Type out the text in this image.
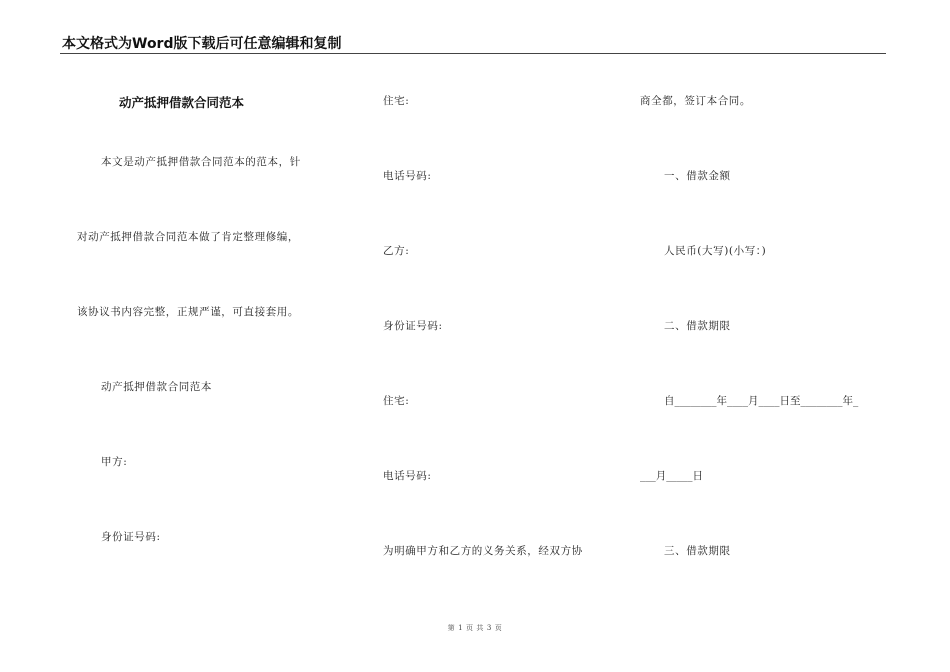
本文格式为Word版下载后可任意编辑和复制
动产抵押借款合同范本
本文是动产抵押借款合同范本的范本，针
对动产抵押借款合同范本做了肯定整理修编，
该协议书内容完整，正规严谨，可直接套用。
动产抵押借款合同范本
甲方:
身份证号码:
住宅:
电话号码:
乙方:
身份证号码:
住宅:
电话号码:
为明确甲方和乙方的义务关系，经双方协
商全都，签订本合同。
一、借款金额
人民币(大写)(小写：)
二、借款期限
自________年____月____日至________年_
___月_____日
三、借款期限
第 1 页 共 3 页
